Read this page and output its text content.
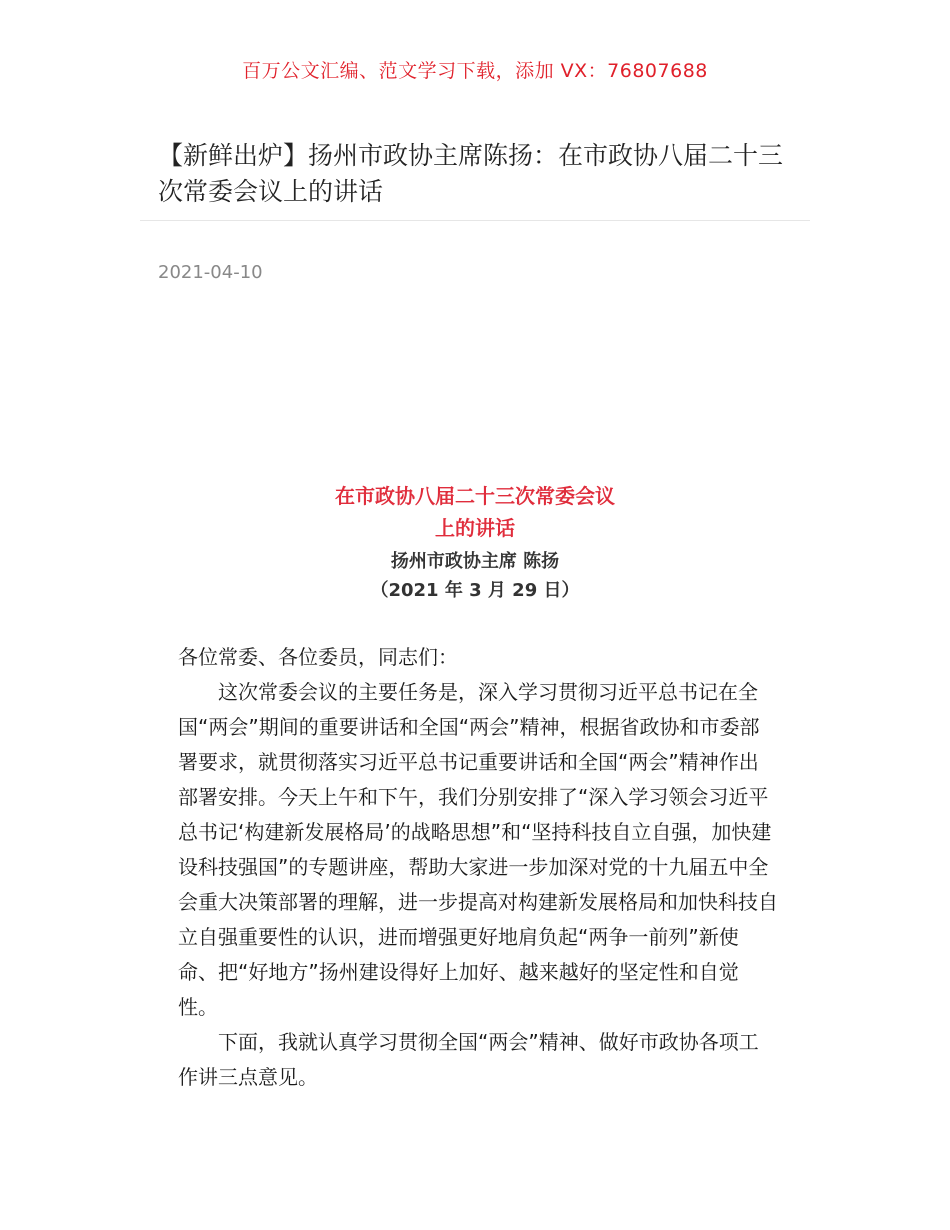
百万公文汇编、范文学习下载，添加 VX：76807688
【新鲜出炉】扬州市政协主席陈扬：在市政协八届二十三次常委会议上的讲话
2021-04-10
在市政协八届二十三次常委会议
上的讲话
扬州市政协主席 陈扬
（2021 年 3 月 29 日）

各位常委、各位委员，同志们：

这次常委会议的主要任务是，深入学习贯彻习近平总书记在全国“两会”期间的重要讲话和全国“两会”精神，根据省政协和市委部署要求，就贯彻落实习近平总书记重要讲话和全国“两会”精神作出部署安排。今天上午和下午，我们分别安排了“深入学习领会习近平总书记‘构建新发展格局’的战略思想”和“坚持科技自立自强，加快建设科技强国”的专题讲座，帮助大家进一步加深对党的十九届五中全会重大决策部署的理解，进一步提高对构建新发展格局和加快科技自立自强重要性的认识，进而增强更好地肩负起“两争一前列”新使命、把“好地方”扬州建设得好上加好、越来越好的坚定性和自觉性。

下面，我就认真学习贯彻全国“两会”精神、做好市政协各项工作讲三点意见。
